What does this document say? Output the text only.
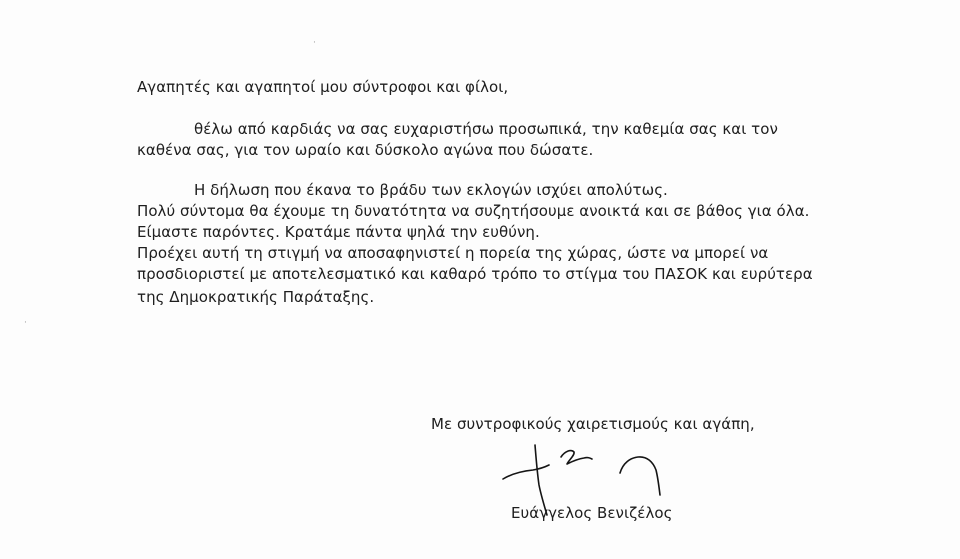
·
·
Αγαπητές και αγαπητοί μου σύντροφοι και φίλοι,
θέλω από καρδιάς να σας ευχαριστήσω προσωπικά, την καθεμία σας και τον
καθένα σας, για τον ωραίο και δύσκολο αγώνα που δώσατε.
Η δήλωση που έκανα το βράδυ των εκλογών ισχύει απολύτως.
Πολύ σύντομα θα έχουμε τη δυνατότητα να συζητήσουμε ανοικτά και σε βάθος για όλα.
Είμαστε παρόντες. Κρατάμε πάντα ψηλά την ευθύνη.
Προέχει αυτή τη στιγμή να αποσαφηνιστεί η πορεία της χώρας, ώστε να μπορεί να
προσδιοριστεί με αποτελεσματικό και καθαρό τρόπο το στίγμα του ΠΑΣΟΚ και ευρύτερα
της Δημοκρατικής Παράταξης.
Με συντροφικούς χαιρετισμούς και αγάπη,
Ευάγγελος Βενιζέλος
